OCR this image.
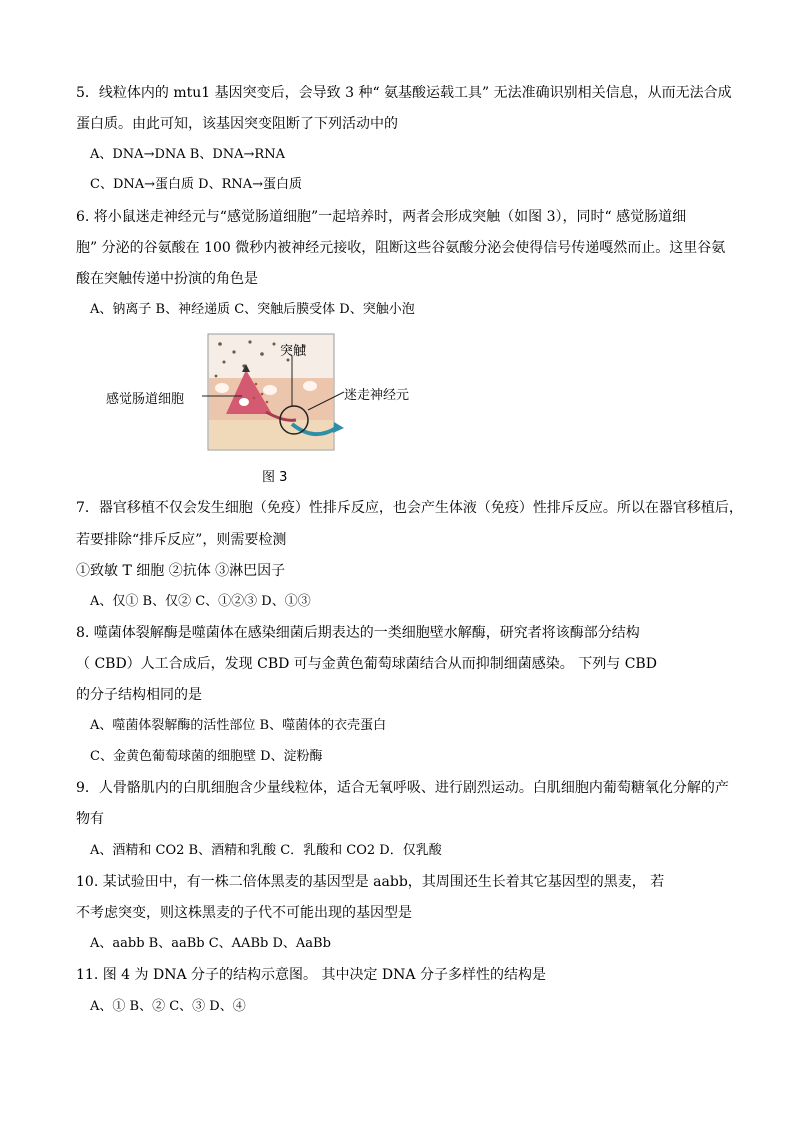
5．线粒体内的 mtu1 基因突变后，会导致 3 种“ 氨基酸运载工具” 无法准确识别相关信息，从而无法合成
蛋白质。由此可知，该基因突变阻断了下列活动中的
A、DNA→DNA B、DNA→RNA
C、DNA→蛋白质 D、RNA→蛋白质
6. 将小鼠迷走神经元与“感觉肠道细胞”一起培养时，两者会形成突触（如图 3），同时“ 感觉肠道细
胞” 分泌的谷氨酸在 100 微秒内被神经元接收，阻断这些谷氨酸分泌会使得信号传递嘎然而止。这里谷氨
酸在突触传递中扮演的角色是
A、钠离子 B、神经递质 C、突触后膜受体 D、突触小泡
突触
感觉肠道细胞	迷走神经元
图 3
7．器官移植不仅会发生细胞（免疫）性排斥反应，也会产生体液（免疫）性排斥反应。所以在器官移植后，
若要排除“排斥反应”，则需要检测
①致敏 T 细胞 ②抗体 ③淋巴因子
A、仅① B、仅② C、①②③ D、①③
8. 噬菌体裂解酶是噬菌体在感染细菌后期表达的一类细胞壁水解酶，研究者将该酶部分结构
（ CBD）人工合成后，发现 CBD 可与金黄色葡萄球菌结合从而抑制细菌感染。 下列与 CBD
的分子结构相同的是
A、噬菌体裂解酶的活性部位 B、噬菌体的衣壳蛋白
C、金黄色葡萄球菌的细胞壁 D、淀粉酶
9．人骨骼肌内的白肌细胞含少量线粒体，适合无氧呼吸、进行剧烈运动。白肌细胞内葡萄糖氧化分解的产
物有
A、酒精和 CO2 B、酒精和乳酸 C．乳酸和 CO2 D．仅乳酸
10. 某试验田中，有一株二倍体黑麦的基因型是 aabb，其周围还生长着其它基因型的黑麦， 若
不考虑突变，则这株黑麦的子代不可能出现的基因型是
A、aabb B、aaBb C、AABb D、AaBb
11. 图 4 为 DNA 分子的结构示意图。 其中决定 DNA 分子多样性的结构是
A、① B、② C、③ D、④
